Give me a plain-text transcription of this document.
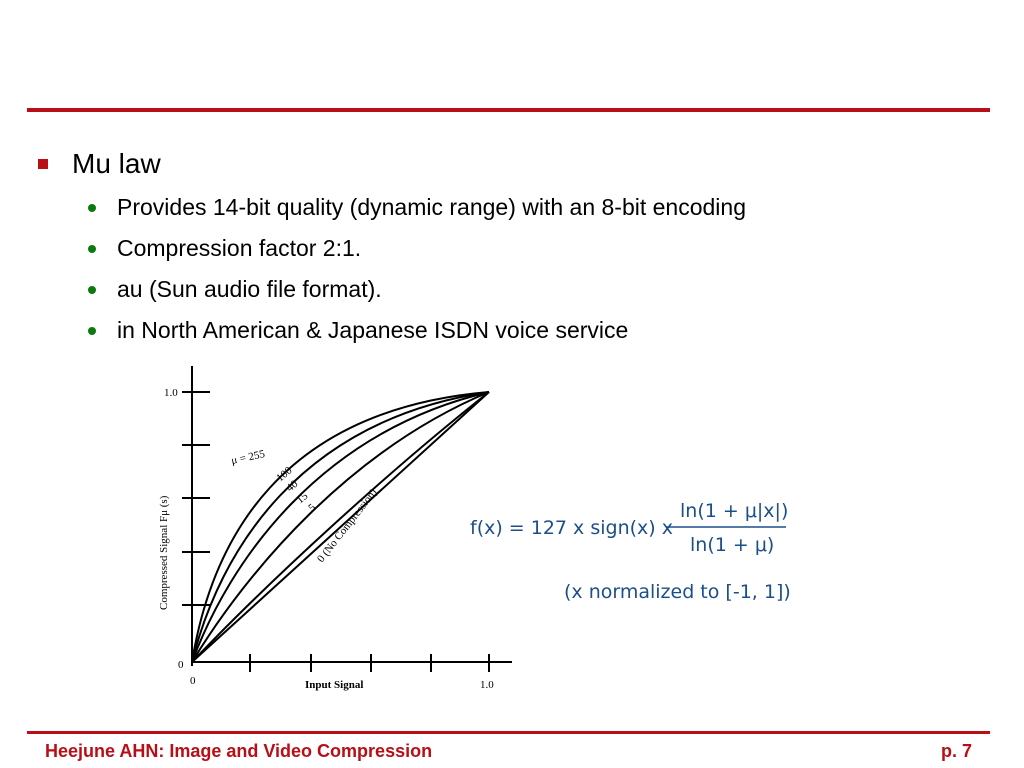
Mu law
Provides 14-bit quality (dynamic range) with an 8-bit encoding
Compression factor 2:1.
au (Sun audio file format).
in North American & Japanese ISDN voice service
1.0
0
0	1.0
Input Signal
Compressed Signal Fμ (s)
μ = 255
100
40
15
5
0 (No Compression)	f(x) = 127 x sign(x) x
ln(1 + μ|x|)
ln(1 + μ)
(x normalized to [-1, 1])
Heejune AHN: Image and Video Compression	p. 7
